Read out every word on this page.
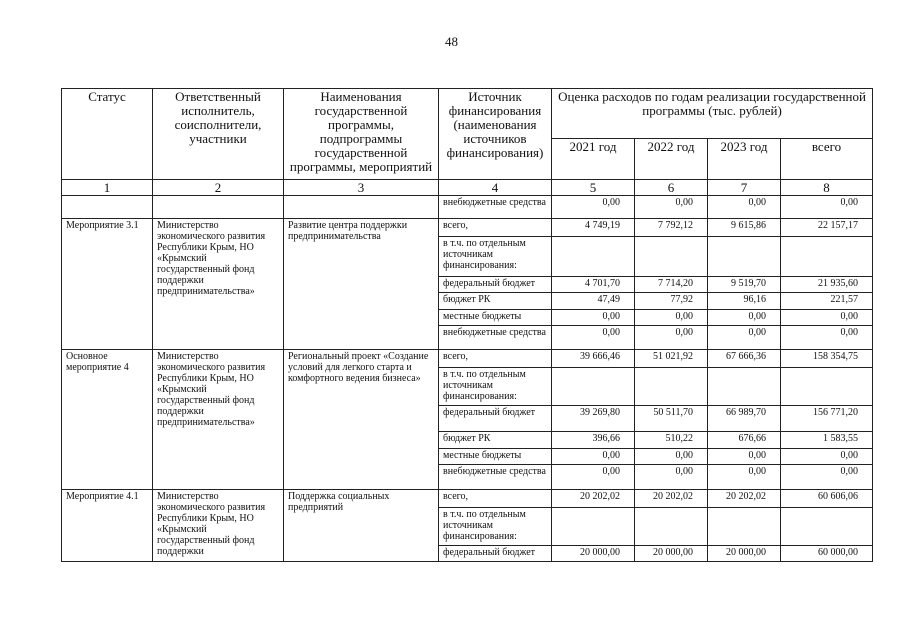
48
Статус	Ответственный исполнитель, соисполнители, участники	Наименования государственной программы, подпрограммы государственной программы, мероприятий	Источник финансирования (наименования источников финансирования)	Оценка расходов по годам реализации государственной программы (тыс. рублей)			
				2021 год	2022 год	2023 год	всего
1	2	3	4	5	6	7	8
			внебюджетные средства	0,00	0,00	0,00	0,00
Мероприятие 3.1	Министерство экономического развития Республики Крым, НО «Крымский государственный фонд поддержки предпринимательства»	Развитие центра поддержки предпринимательства	всего,	4 749,19	7 792,12	9 615,86	22 157,17
			в т.ч. по отдельным источникам финансирования:				
			федеральный бюджет	4 701,70	7 714,20	9 519,70	21 935,60
			бюджет РК	47,49	77,92	96,16	221,57
			местные бюджеты	0,00	0,00	0,00	0,00
			внебюджетные средства	0,00	0,00	0,00	0,00
Основное мероприятие 4	Министерство экономического развития Республики Крым, НО «Крымский государственный фонд поддержки предпринимательства»	Региональный проект «Создание условий для легкого старта и комфортного ведения бизнеса»	всего,	39 666,46	51 021,92	67 666,36	158 354,75
			в т.ч. по отдельным источникам финансирования:				
			федеральный бюджет	39 269,80	50 511,70	66 989,70	156 771,20
			бюджет РК	396,66	510,22	676,66	1 583,55
			местные бюджеты	0,00	0,00	0,00	0,00
			внебюджетные средства	0,00	0,00	0,00	0,00
Мероприятие 4.1	Министерство экономического развития Республики Крым, НО «Крымский государственный фонд поддержки	Поддержка социальных предприятий	всего,	20 202,02	20 202,02	20 202,02	60 606,06
			в т.ч. по отдельным источникам финансирования:				
			федеральный бюджет	20 000,00	20 000,00	20 000,00	60 000,00
